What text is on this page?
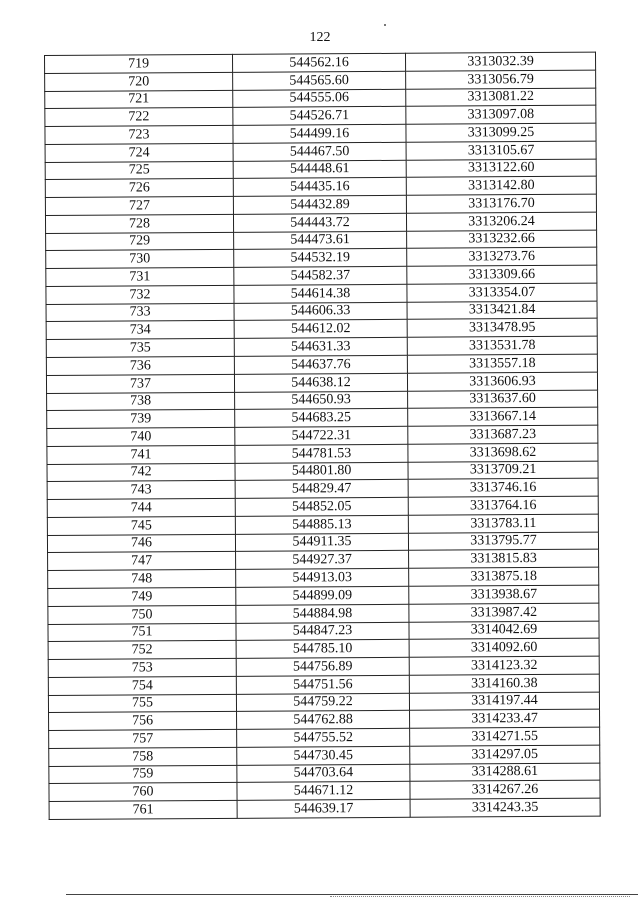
122
719	544562.16	3313032.39
720	544565.60	3313056.79
721	544555.06	3313081.22
722	544526.71	3313097.08
723	544499.16	3313099.25
724	544467.50	3313105.67
725	544448.61	3313122.60
726	544435.16	3313142.80
727	544432.89	3313176.70
728	544443.72	3313206.24
729	544473.61	3313232.66
730	544532.19	3313273.76
731	544582.37	3313309.66
732	544614.38	3313354.07
733	544606.33	3313421.84
734	544612.02	3313478.95
735	544631.33	3313531.78
736	544637.76	3313557.18
737	544638.12	3313606.93
738	544650.93	3313637.60
739	544683.25	3313667.14
740	544722.31	3313687.23
741	544781.53	3313698.62
742	544801.80	3313709.21
743	544829.47	3313746.16
744	544852.05	3313764.16
745	544885.13	3313783.11
746	544911.35	3313795.77
747	544927.37	3313815.83
748	544913.03	3313875.18
749	544899.09	3313938.67
750	544884.98	3313987.42
751	544847.23	3314042.69
752	544785.10	3314092.60
753	544756.89	3314123.32
754	544751.56	3314160.38
755	544759.22	3314197.44
756	544762.88	3314233.47
757	544755.52	3314271.55
758	544730.45	3314297.05
759	544703.64	3314288.61
760	544671.12	3314267.26
761	544639.17	3314243.35
